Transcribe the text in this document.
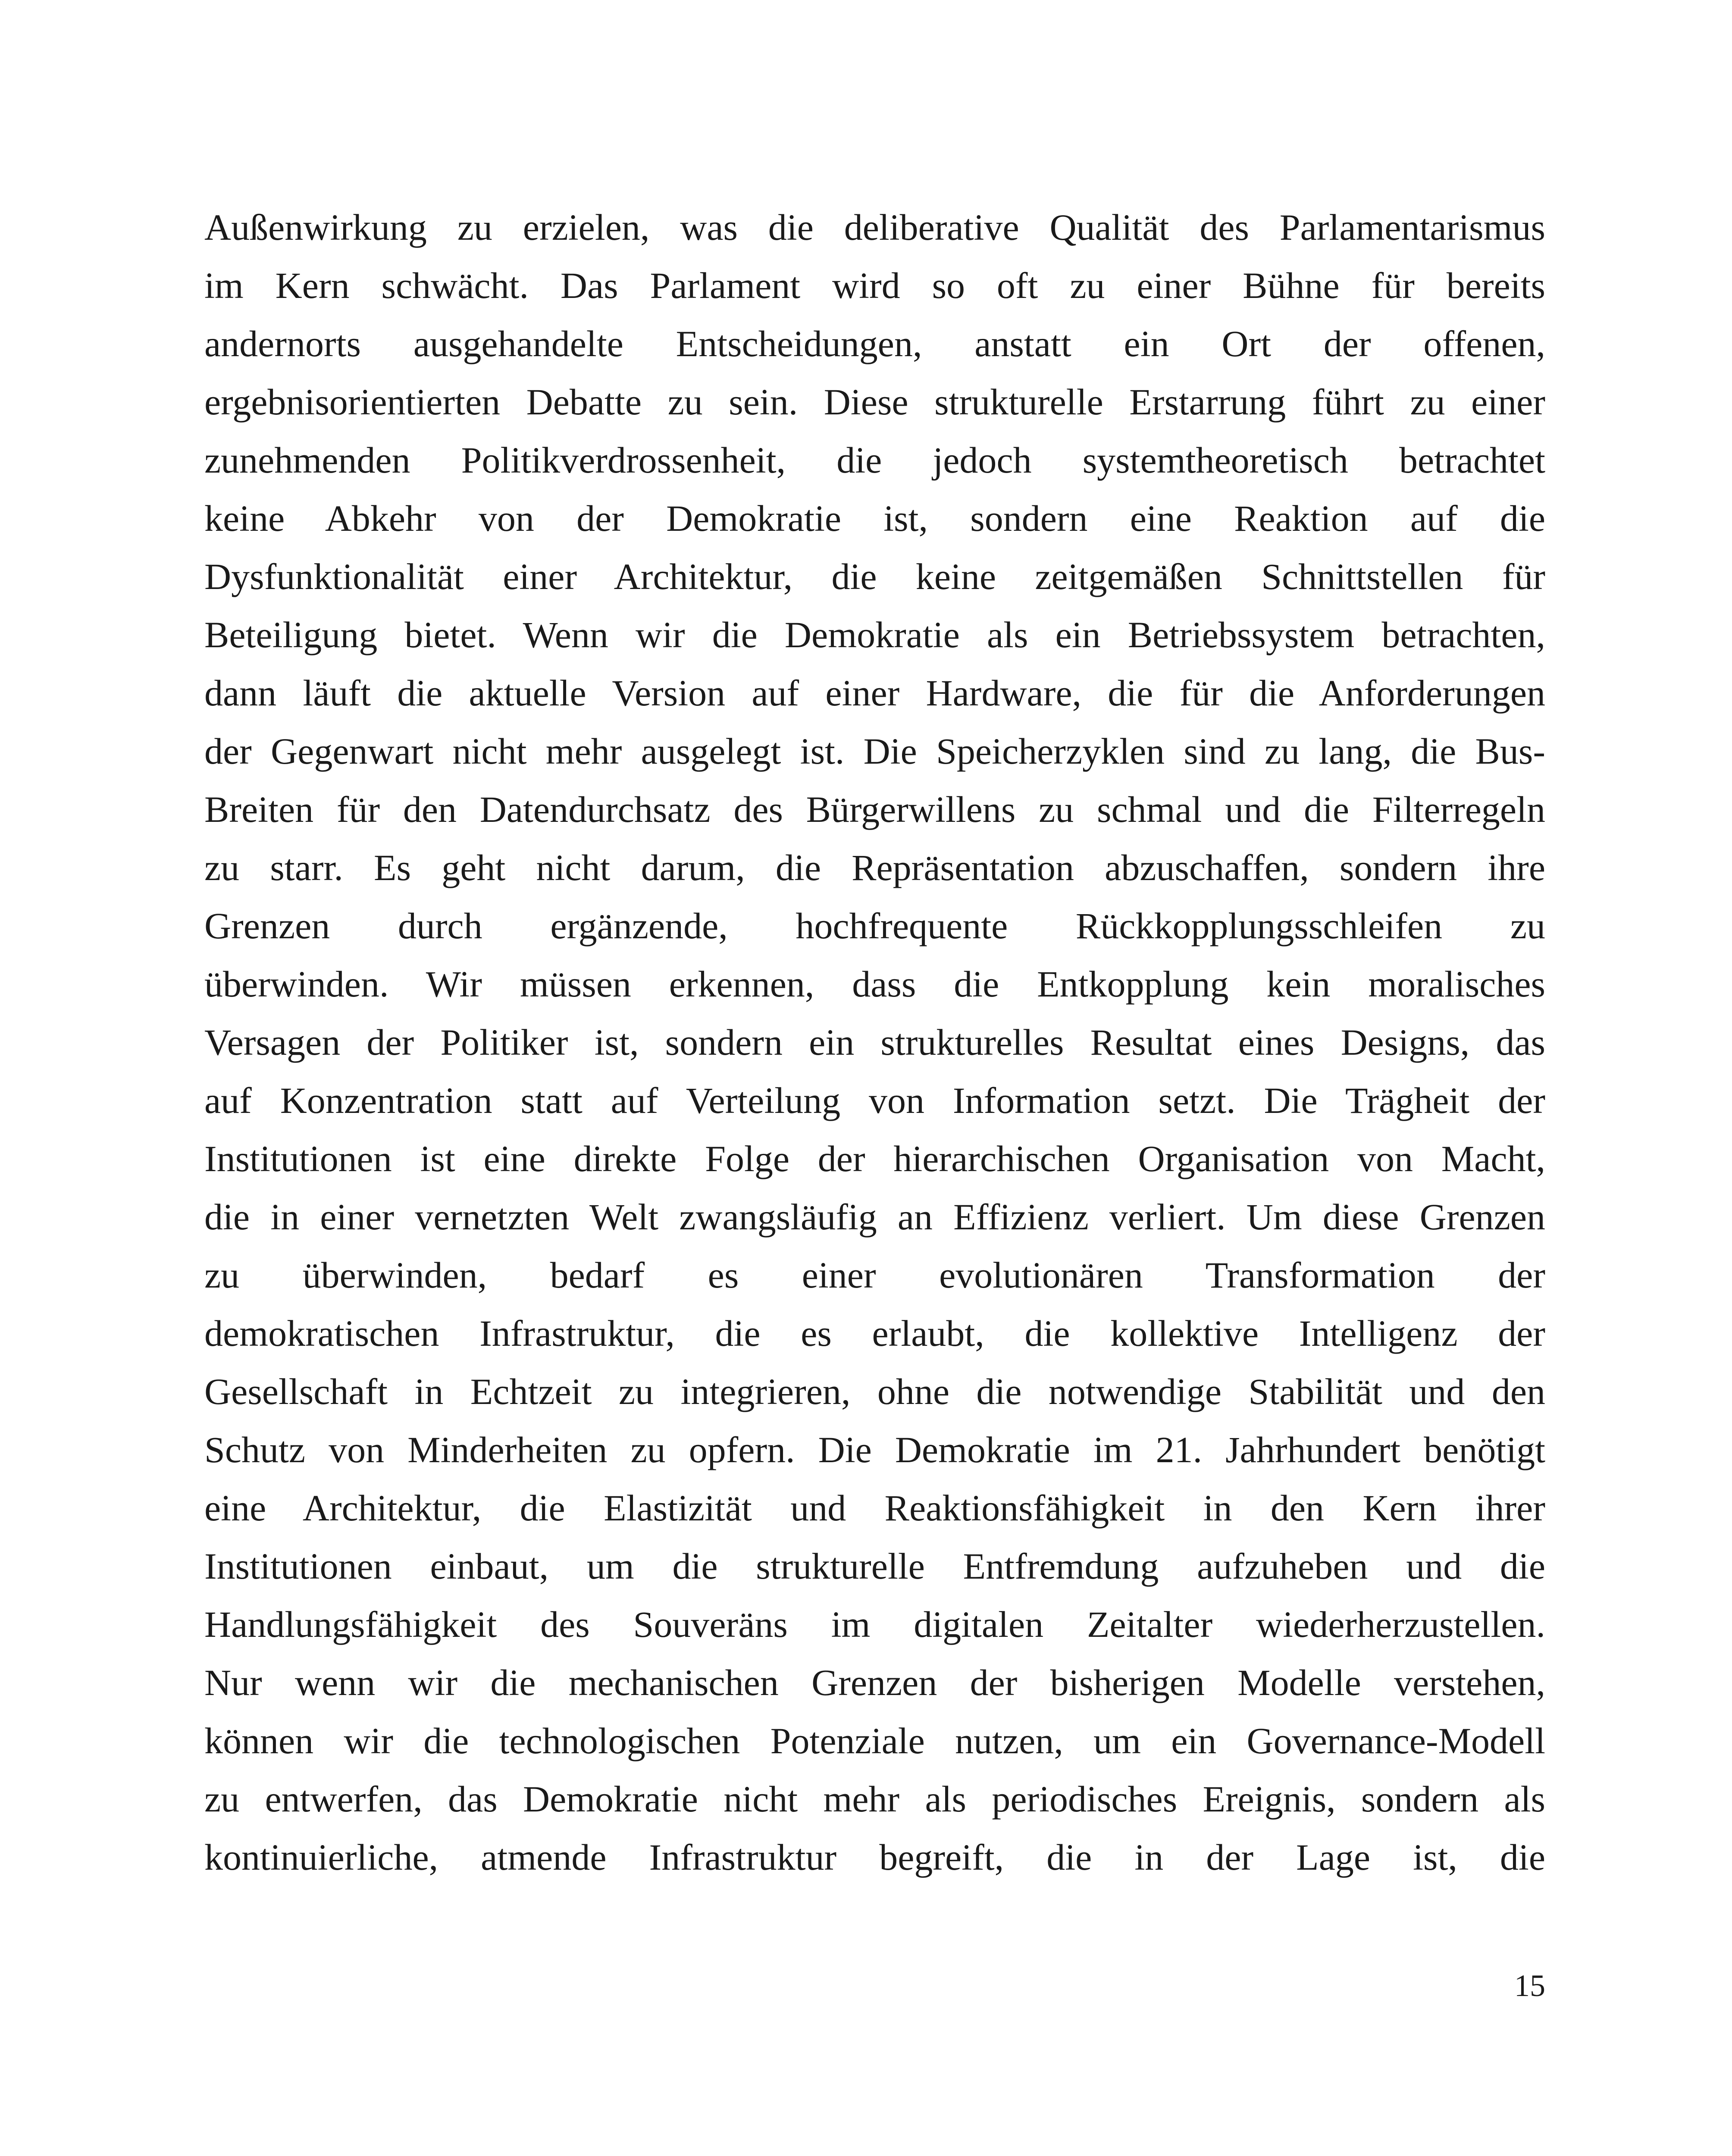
Außenwirkung zu erzielen, was die deliberative Qualität des Parlamentarismus
im Kern schwächt. Das Parlament wird so oft zu einer Bühne für bereits
andernorts ausgehandelte Entscheidungen, anstatt ein Ort der offenen,
ergebnisorientierten Debatte zu sein. Diese strukturelle Erstarrung führt zu einer
zunehmenden Politikverdrossenheit, die jedoch systemtheoretisch betrachtet
keine Abkehr von der Demokratie ist, sondern eine Reaktion auf die
Dysfunktionalität einer Architektur, die keine zeitgemäßen Schnittstellen für
Beteiligung bietet. Wenn wir die Demokratie als ein Betriebssystem betrachten,
dann läuft die aktuelle Version auf einer Hardware, die für die Anforderungen
der Gegenwart nicht mehr ausgelegt ist. Die Speicherzyklen sind zu lang, die Bus-
Breiten für den Datendurchsatz des Bürgerwillens zu schmal und die Filterregeln
zu starr. Es geht nicht darum, die Repräsentation abzuschaffen, sondern ihre
Grenzen durch ergänzende, hochfrequente Rückkopplungsschleifen zu
überwinden. Wir müssen erkennen, dass die Entkopplung kein moralisches
Versagen der Politiker ist, sondern ein strukturelles Resultat eines Designs, das
auf Konzentration statt auf Verteilung von Information setzt. Die Trägheit der
Institutionen ist eine direkte Folge der hierarchischen Organisation von Macht,
die in einer vernetzten Welt zwangsläufig an Effizienz verliert. Um diese Grenzen
zu überwinden, bedarf es einer evolutionären Transformation der
demokratischen Infrastruktur, die es erlaubt, die kollektive Intelligenz der
Gesellschaft in Echtzeit zu integrieren, ohne die notwendige Stabilität und den
Schutz von Minderheiten zu opfern. Die Demokratie im 21. Jahrhundert benötigt
eine Architektur, die Elastizität und Reaktionsfähigkeit in den Kern ihrer
Institutionen einbaut, um die strukturelle Entfremdung aufzuheben und die
Handlungsfähigkeit des Souveräns im digitalen Zeitalter wiederherzustellen.
Nur wenn wir die mechanischen Grenzen der bisherigen Modelle verstehen,
können wir die technologischen Potenziale nutzen, um ein Governance-Modell
zu entwerfen, das Demokratie nicht mehr als periodisches Ereignis, sondern als
kontinuierliche, atmende Infrastruktur begreift, die in der Lage ist, die
15
